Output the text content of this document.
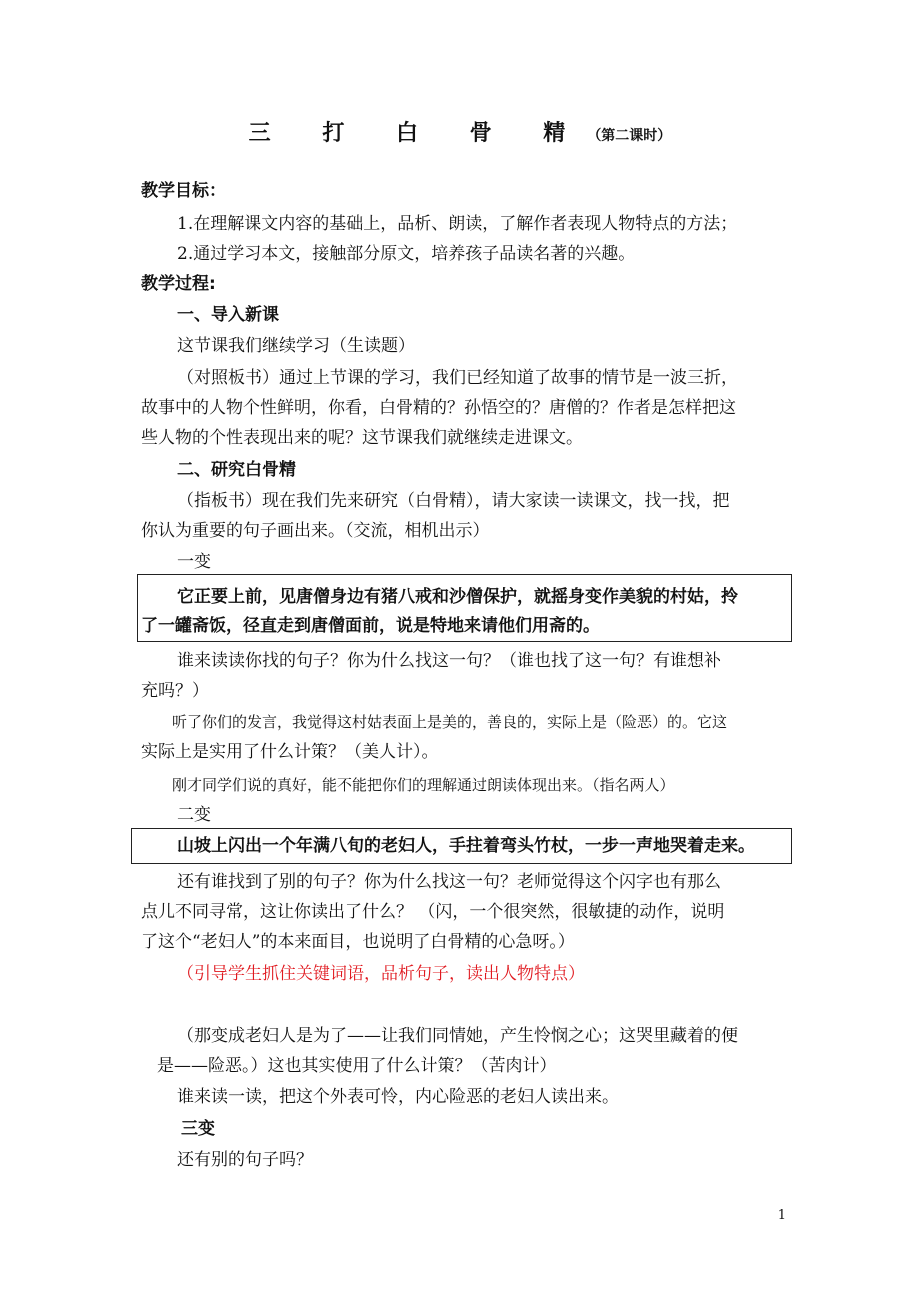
三 打 白 骨 精（第二课时）
教学目标：
1.在理解课文内容的基础上，品析、朗读，了解作者表现人物特点的方法；
2.通过学习本文，接触部分原文，培养孩子品读名著的兴趣。
教学过程:
一、导入新课
这节课我们继续学习（生读题）
（对照板书）通过上节课的学习，我们已经知道了故事的情节是一波三折，
故事中的人物个性鲜明，你看，白骨精的？孙悟空的？唐僧的？作者是怎样把这
些人物的个性表现出来的呢？这节课我们就继续走进课文。
二、研究白骨精
（指板书）现在我们先来研究（白骨精），请大家读一读课文，找一找，把
你认为重要的句子画出来。（交流，相机出示）
一变
它正要上前，见唐僧身边有猪八戒和沙僧保护，就摇身变作美貌的村姑，拎
了一罐斋饭，径直走到唐僧面前，说是特地来请他们用斋的。
谁来读读你找的句子？你为什么找这一句？（谁也找了这一句？有谁想补
充吗？）
听了你们的发言，我觉得这村姑表面上是美的，善良的，实际上是（险恶）的。它这
实际上是实用了什么计策？（美人计）。
刚才同学们说的真好，能不能把你们的理解通过朗读体现出来。（指名两人）
二变
山坡上闪出一个年满八旬的老妇人，手拄着弯头竹杖，一步一声地哭着走来。
还有谁找到了别的句子？你为什么找这一句？老师觉得这个闪字也有那么
点儿不同寻常，这让你读出了什么？ （闪，一个很突然，很敏捷的动作，说明
了这个“老妇人”的本来面目，也说明了白骨精的心急呀。）
（引导学生抓住关键词语，品析句子，读出人物特点）
（那变成老妇人是为了——让我们同情她，产生怜悯之心；这哭里藏着的便
是——险恶。）这也其实使用了什么计策？（苦肉计）
谁来读一读，把这个外表可怜，内心险恶的老妇人读出来。
三变
还有别的句子吗？
1
